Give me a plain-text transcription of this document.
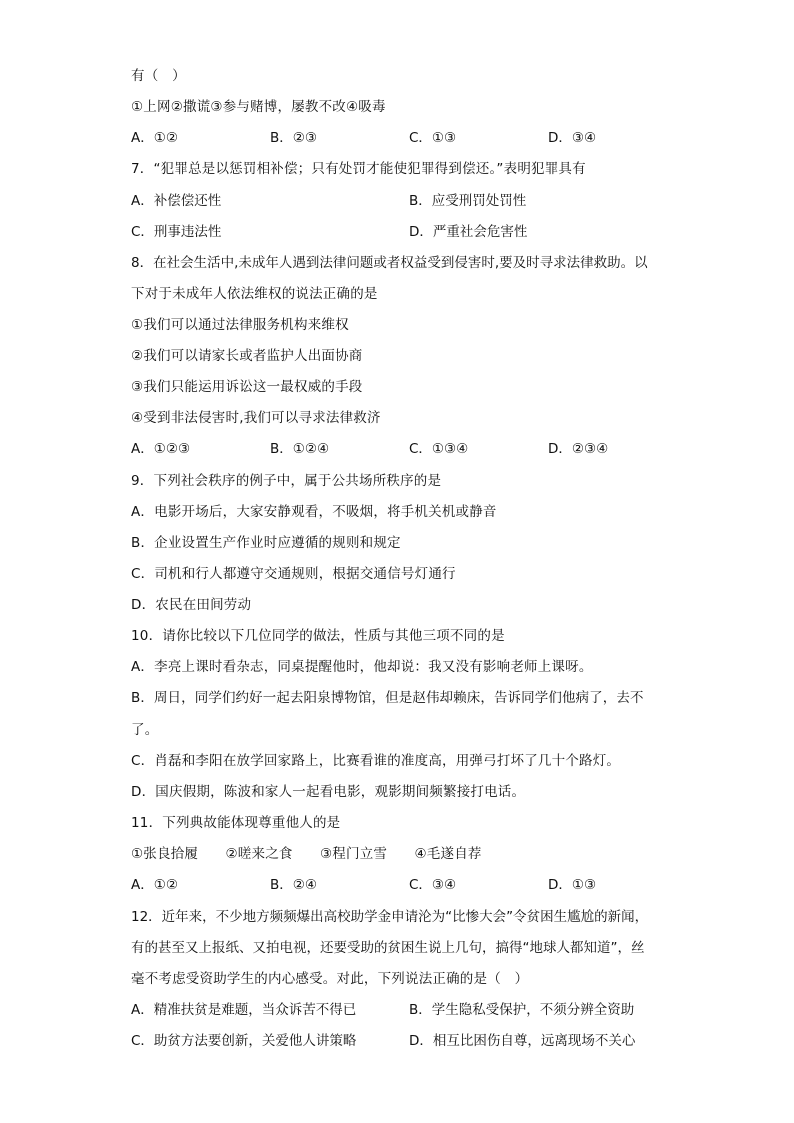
有（　）
①上网②撒谎③参与赌博，屡教不改④吸毒
A．①②	B．②③	C．①③	D．③④
7．“犯罪总是以惩罚相补偿；只有处罚才能使犯罪得到偿还。”表明犯罪具有
A．补偿偿还性	B．应受刑罚处罚性
C．刑事违法性	D．严重社会危害性
8．在社会生活中,未成年人遇到法律问题或者权益受到侵害时,要及时寻求法律救助。以
下对于未成年人依法维权的说法正确的是
①我们可以通过法律服务机构来维权
②我们可以请家长或者监护人出面协商
③我们只能运用诉讼这一最权威的手段
④受到非法侵害时,我们可以寻求法律救济
A．①②③	B．①②④	C．①③④	D．②③④
9．下列社会秩序的例子中，属于公共场所秩序的是
A．电影开场后，大家安静观看，不吸烟，将手机关机或静音
B．企业设置生产作业时应遵循的规则和规定
C．司机和行人都遵守交通规则，根据交通信号灯通行
D．农民在田间劳动
10．请你比较以下几位同学的做法，性质与其他三项不同的是
A．李亮上课时看杂志，同桌提醒他时，他却说：我又没有影响老师上课呀。
B．周日，同学们约好一起去阳泉博物馆，但是赵伟却赖床，告诉同学们他病了，去不
了。
C．肖磊和李阳在放学回家路上，比赛看谁的准度高，用弹弓打坏了几十个路灯。
D．国庆假期，陈波和家人一起看电影，观影期间频繁接打电话。
11．下列典故能体现尊重他人的是
①张良拾履　　②嗟来之食　　③程门立雪　　④毛遂自荐
A．①②	B．②④	C．③④	D．①③
12．近年来，不少地方频频爆出高校助学金申请沦为“比惨大会”令贫困生尴尬的新闻，
有的甚至又上报纸、又拍电视，还要受助的贫困生说上几句，搞得“地球人都知道”，丝
毫不考虑受资助学生的内心感受。对此，下列说法正确的是（　）
A．精准扶贫是难题，当众诉苦不得已	B．学生隐私受保护，不须分辨全资助
C．助贫方法要创新，关爱他人讲策略	D．相互比困伤自尊，远离现场不关心
